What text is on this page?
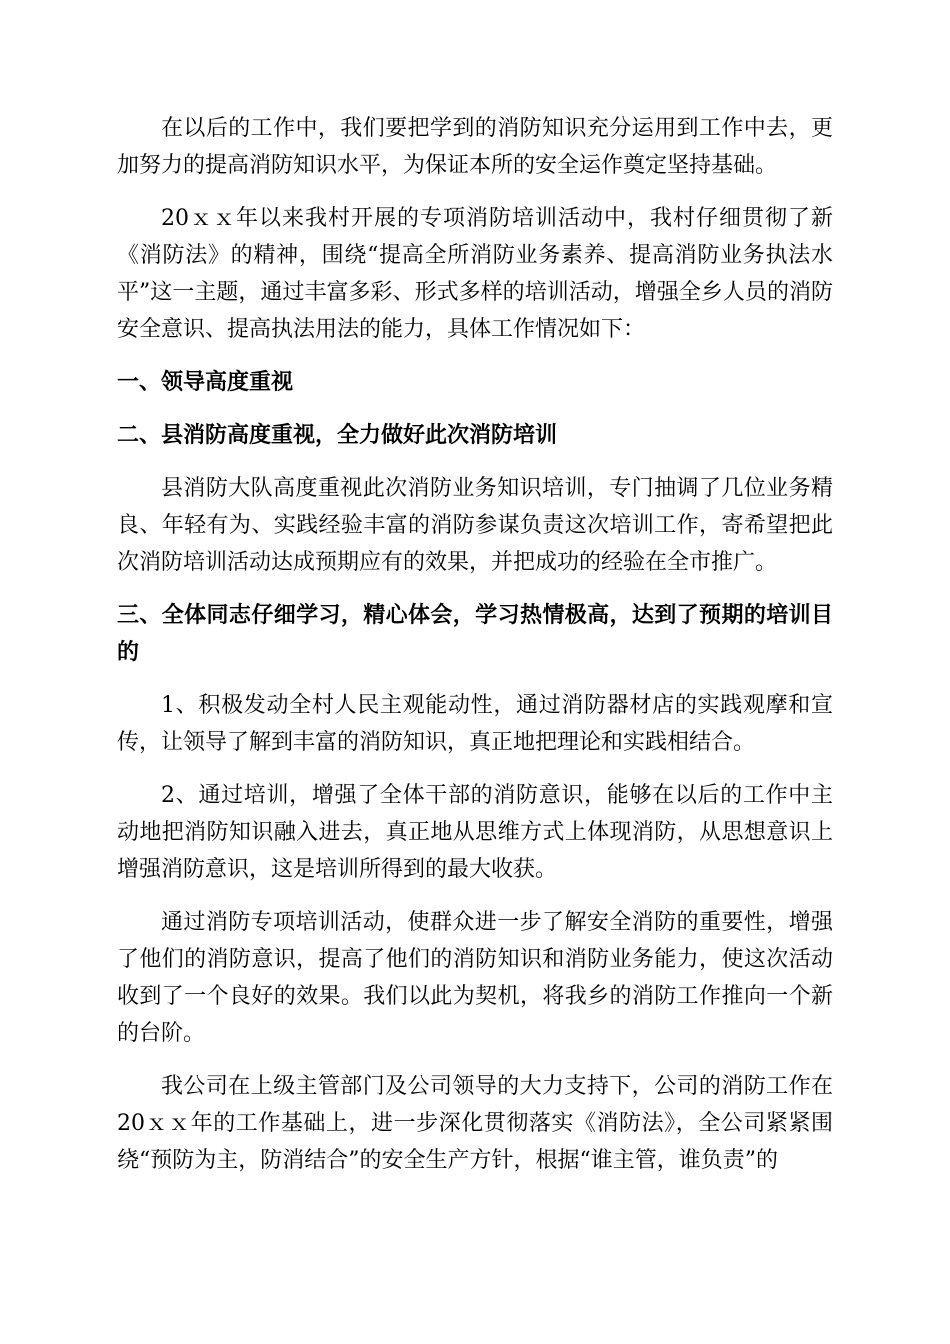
在以后的工作中，我们要把学到的消防知识充分运用到工作中去，更加努力的提高消防知识水平，为保证本所的安全运作奠定坚持基础。

20ｘｘ年以来我村开展的专项消防培训活动中，我村仔细贯彻了新《消防法》的精神，围绕“提高全所消防业务素养、提高消防业务执法水平”这一主题，通过丰富多彩、形式多样的培训活动，增强全乡人员的消防安全意识、提高执法用法的能力，具体工作情况如下：

一、领导高度重视

二、县消防高度重视，全力做好此次消防培训

县消防大队高度重视此次消防业务知识培训，专门抽调了几位业务精良、年轻有为、实践经验丰富的消防参谋负责这次培训工作，寄希望把此次消防培训活动达成预期应有的效果，并把成功的经验在全市推广。

三、全体同志仔细学习，精心体会，学习热情极高，达到了预期的培训目的

1、积极发动全村人民主观能动性，通过消防器材店的实践观摩和宣传，让领导了解到丰富的消防知识，真正地把理论和实践相结合。

2、通过培训，增强了全体干部的消防意识，能够在以后的工作中主动地把消防知识融入进去，真正地从思维方式上体现消防，从思想意识上增强消防意识，这是培训所得到的最大收获。

通过消防专项培训活动，使群众进一步了解安全消防的重要性，增强了他们的消防意识，提高了他们的消防知识和消防业务能力，使这次活动收到了一个良好的效果。我们以此为契机，将我乡的消防工作推向一个新的台阶。

我公司在上级主管部门及公司领导的大力支持下，公司的消防工作在20ｘｘ年的工作基础上，进一步深化贯彻落实《消防法》，全公司紧紧围绕“预防为主，防消结合”的安全生产方针，根据“谁主管，谁负责”的
